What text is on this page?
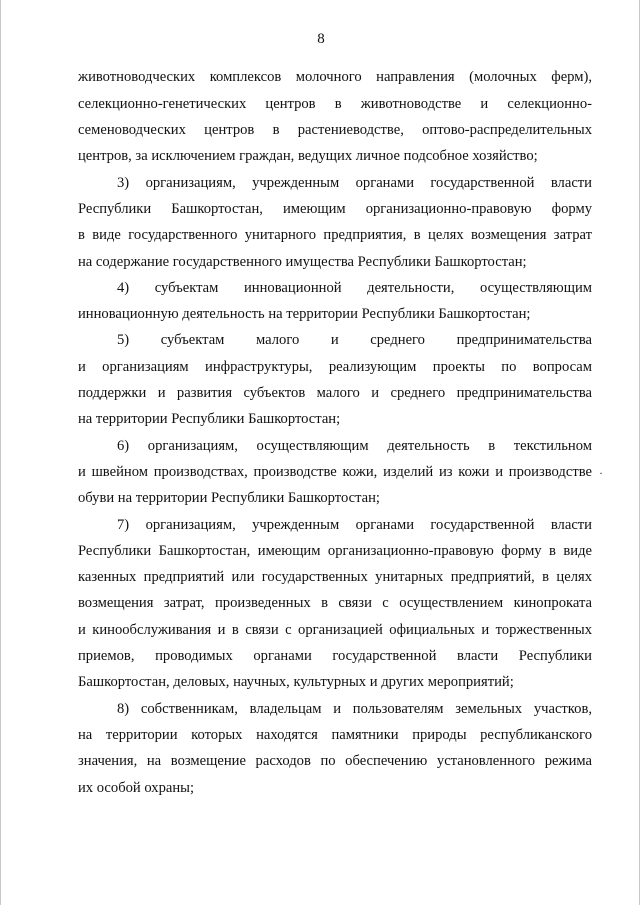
8
животноводческих комплексов молочного направления (молочных ферм),
селекционно-генетических центров в животноводстве и селекционно-
семеноводческих центров в растениеводстве, оптово-распределительных
центров, за исключением граждан, ведущих личное подсобное хозяйство;
3) организациям, учрежденным органами государственной власти
Республики Башкортостан, имеющим организационно-правовую форму
в виде государственного унитарного предприятия, в целях возмещения затрат
на содержание государственного имущества Республики Башкортостан;
4) субъектам инновационной деятельности, осуществляющим
инновационную деятельность на территории Республики Башкортостан;
5) субъектам малого и среднего предпринимательства
и организациям инфраструктуры, реализующим проекты по вопросам
поддержки и развития субъектов малого и среднего предпринимательства
на территории Республики Башкортостан;
6) организациям, осуществляющим деятельность в текстильном
и швейном производствах, производстве кожи, изделий из кожи и производстве
обуви на территории Республики Башкортостан;
7) организациям, учрежденным органами государственной власти
Республики Башкортостан, имеющим организационно-правовую форму в виде
казенных предприятий или государственных унитарных предприятий, в целях
возмещения затрат, произведенных в связи с осуществлением кинопроката
и кинообслуживания и в связи с организацией официальных и торжественных
приемов, проводимых органами государственной власти Республики
Башкортостан, деловых, научных, культурных и других мероприятий;
8) собственникам, владельцам и пользователям земельных участков,
на территории которых находятся памятники природы республиканского
значения, на возмещение расходов по обеспечению установленного режима
их особой охраны;
·
